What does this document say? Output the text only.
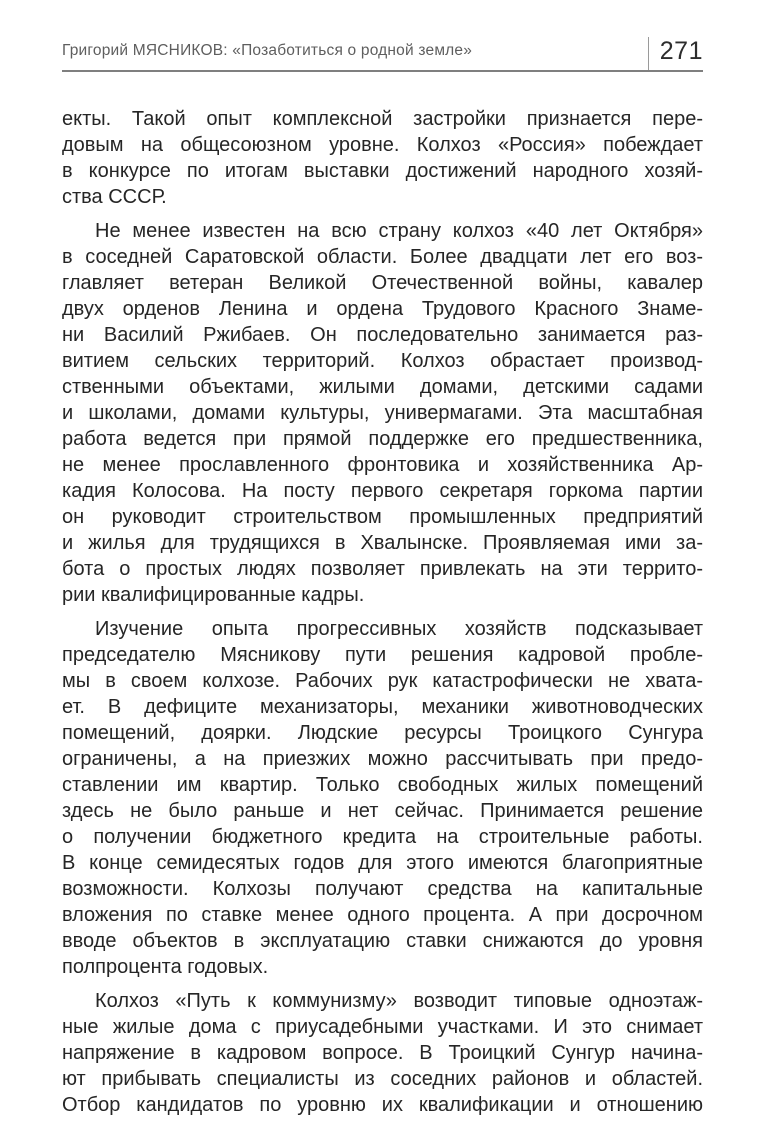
Григорий МЯСНИКОВ: «Позаботиться о родной земле»	271

екты. Такой опыт комплексной застройки признается пере-
довым на общесоюзном уровне. Колхоз «Россия» побеждает
в конкурсе по итогам выставки достижений народного хозяй-
ства СССР.

Не менее известен на всю страну колхоз «40 лет Октября»
в соседней Саратовской области. Более двадцати лет его воз-
главляет ветеран Великой Отечественной войны, кавалер
двух орденов Ленина и ордена Трудового Красного Знаме-
ни Василий Ржибаев. Он последовательно занимается раз-
витием сельских территорий. Колхоз обрастает производ-
ственными объектами, жилыми домами, детскими садами
и школами, домами культуры, универмагами. Эта масштабная
работа ведется при прямой поддержке его предшественника,
не менее прославленного фронтовика и хозяйственника Ар-
кадия Колосова. На посту первого секретаря горкома партии
он руководит строительством промышленных предприятий
и жилья для трудящихся в Хвалынске. Проявляемая ими за-
бота о простых людях позволяет привлекать на эти террито-
рии квалифицированные кадры.

Изучение опыта прогрессивных хозяйств подсказывает
председателю Мясникову пути решения кадровой пробле-
мы в своем колхозе. Рабочих рук катастрофически не хвата-
ет. В дефиците механизаторы, механики животноводческих
помещений, доярки. Людские ресурсы Троицкого Сунгура
ограничены, а на приезжих можно рассчитывать при предо-
ставлении им квартир. Только свободных жилых помещений
здесь не было раньше и нет сейчас. Принимается решение
о получении бюджетного кредита на строительные работы.
В конце семидесятых годов для этого имеются благоприятные
возможности. Колхозы получают средства на капитальные
вложения по ставке менее одного процента. А при досрочном
вводе объектов в эксплуатацию ставки снижаются до уровня
полпроцента годовых.

Колхоз «Путь к коммунизму» возводит типовые одноэтаж-
ные жилые дома с приусадебными участками. И это снимает
напряжение в кадровом вопросе. В Троицкий Сунгур начина-
ют прибывать специалисты из соседних районов и областей.
Отбор кандидатов по уровню их квалификации и отношению
